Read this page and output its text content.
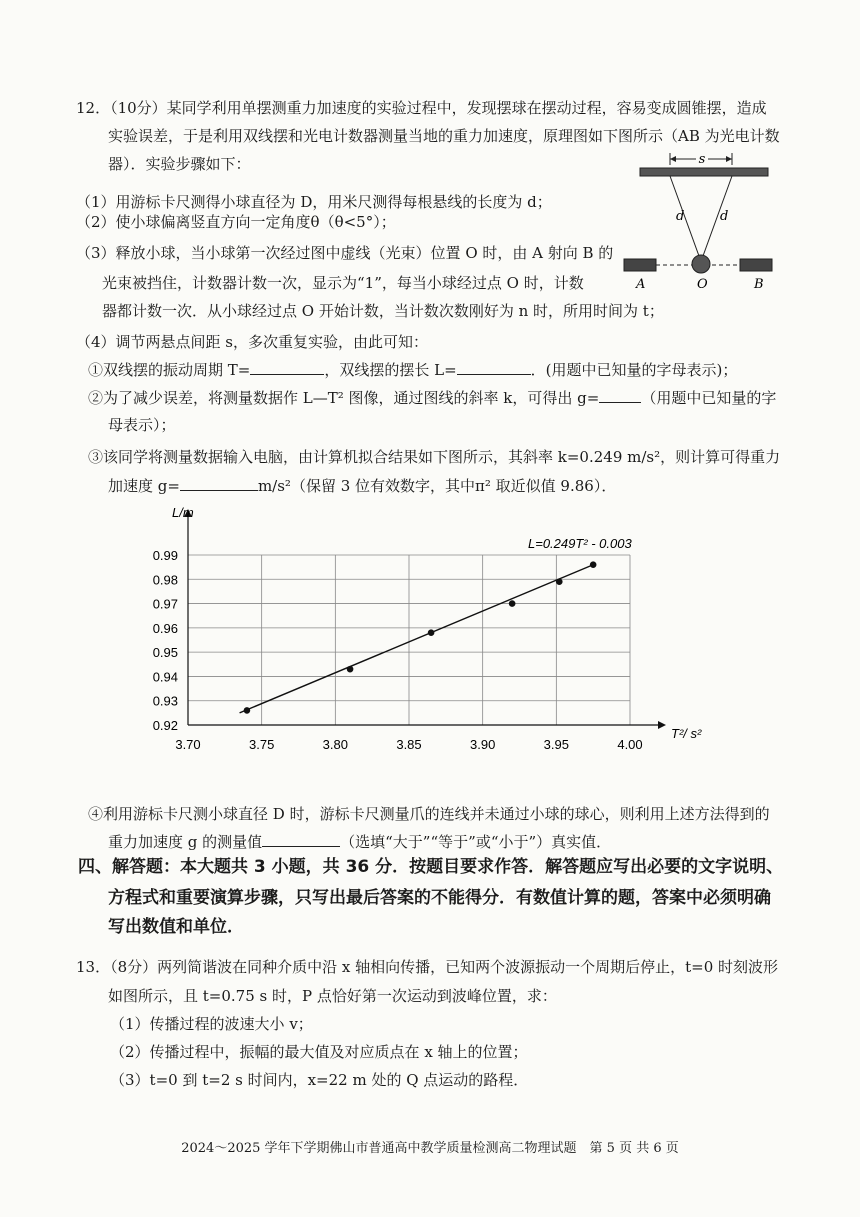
12．（10分）某同学利用单摆测重力加速度的实验过程中，发现摆球在摆动过程，容易变成圆锥摆，造成
实验误差，于是利用双线摆和光电计数器测量当地的重力加速度，原理图如下图所示（AB 为光电计数
器）．实验步骤如下：
（1）用游标卡尺测得小球直径为 D，用米尺测得每根悬线的长度为 d；
（2）使小球偏离竖直方向一定角度θ（θ<5°）；
（3）释放小球，当小球第一次经过图中虚线（光束）位置 O 时，由 A 射向 B 的
光束被挡住，计数器计数一次，显示为“1”，每当小球经过点 O 时，计数
器都计数一次．从小球经过点 O 开始计数，当计数次数刚好为 n 时，所用时间为 t；
（4）调节两悬点间距 s，多次重复实验，由此可知：
①双线摆的振动周期 T=	，双线摆的摆长 L=	．(用题中已知量的字母表示)；
②为了减少误差，将测量数据作 L—T² 图像，通过图线的斜率 k，可得出 g=	（用题中已知量的字
母表示）；
③该同学将测量数据输入电脑，由计算机拟合结果如下图所示，其斜率 k=0.249 m/s²，则计算可得重力
加速度 g=	m/s²（保留 3 位有效数字，其中π² 取近似值 9.86）．
s
d	d
A	O	B
3.70	3.75	3.80	3.85	3.90	3.95	4.00
0.92
0.93
0.94
0.95
0.96
0.97
0.98
0.99
L/m
T²/ s²
L=0.249T² - 0.003
④利用游标卡尺测小球直径 D 时，游标卡尺测量爪的连线并未通过小球的球心，则利用上述方法得到的
重力加速度 g 的测量值	（选填“大于”“等于”或“小于”）真实值．
四、解答题：本大题共 3 小题，共 36 分．按题目要求作答．解答题应写出必要的文字说明、
方程式和重要演算步骤，只写出最后答案的不能得分．有数值计算的题，答案中必须明确
写出数值和单位．
13．（8分）两列简谐波在同种介质中沿 x 轴相向传播，已知两个波源振动一个周期后停止，t=0 时刻波形
如图所示，且 t=0.75 s 时，P 点恰好第一次运动到波峰位置，求：
（1）传播过程的波速大小 v；
（2）传播过程中，振幅的最大值及对应质点在 x 轴上的位置；
（3）t=0 到 t=2 s 时间内，x=22 m 处的 Q 点运动的路程．
2024～2025 学年下学期佛山市普通高中教学质量检测高二物理试题　第 5 页 共 6 页
